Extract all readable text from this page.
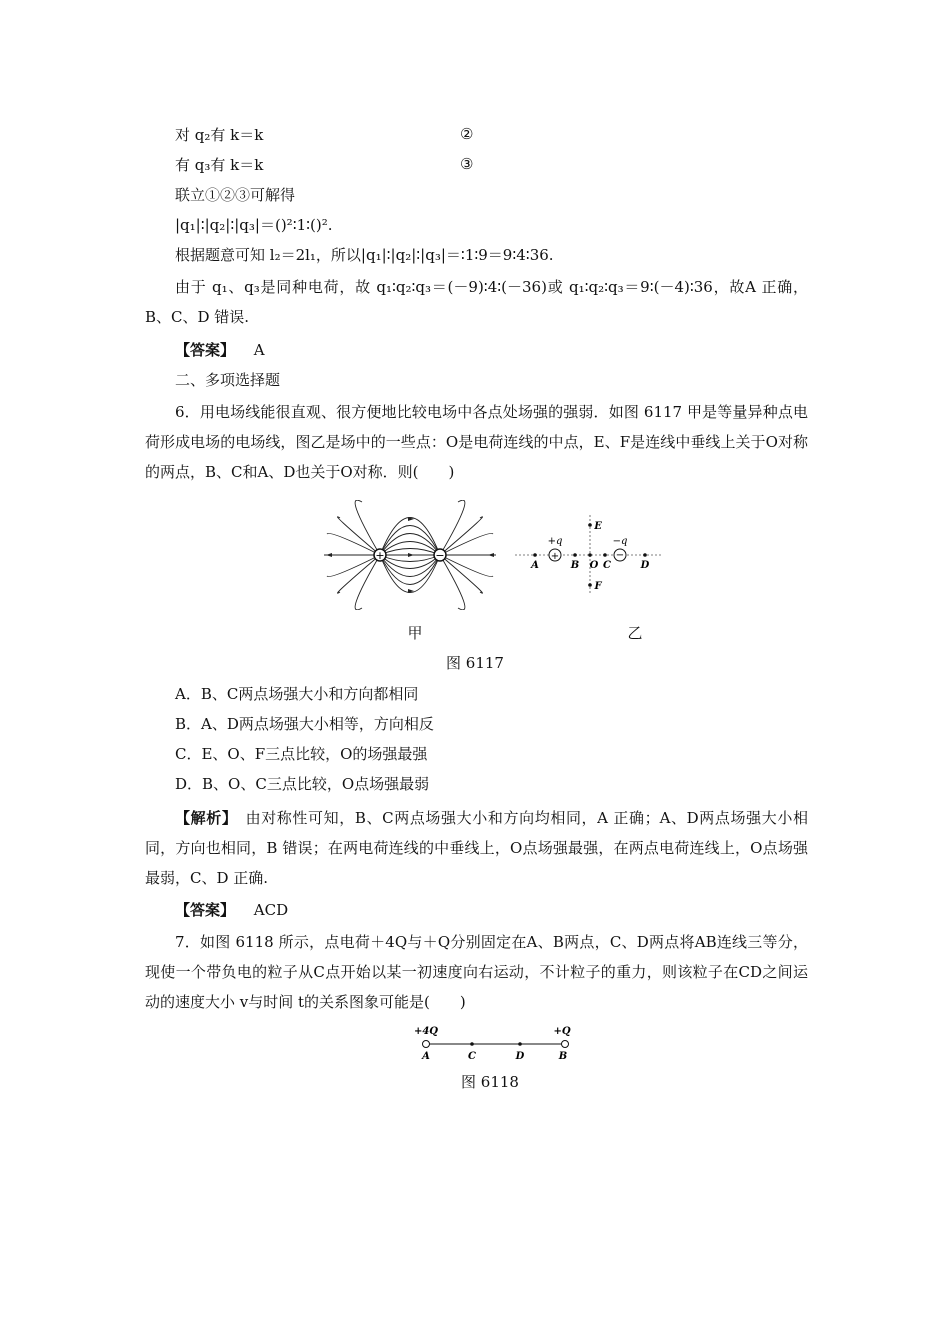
对 q₂有 k＝k	②
有 q₃有 k＝k	③
联立①②③可解得
|q₁|∶|q₂|∶|q₃|＝()²∶1∶()².
根据题意可知 l₂＝2l₁，所以|q₁|∶|q₂|∶|q₃|＝∶1∶9＝9∶4∶36.
由于 q₁、q₃是同种电荷，故 q₁∶q₂∶q₃＝(－9)∶4∶(－36)或 q₁∶q₂∶q₃＝9∶(－4)∶36，故A 正确，B、C、D 错误.
【答案】 A
二、多项选择题
6．用电场线能很直观、很方便地比较电场中各点处场强的强弱．如图 6117 甲是等量异种点电荷形成电场的电场线，图乙是场中的一些点：O是电荷连线的中点，E、F是连线中垂线上关于O对称的两点，B、C和A、D也关于O对称．则(　　)
+	−	+	−
+q	−q
A	B O C	D
E
F
甲	乙
图 6117
A．B、C两点场强大小和方向都相同
B．A、D两点场强大小相等，方向相反
C．E、O、F三点比较，O的场强最强
D．B、O、C三点比较，O点场强最弱
【解析】　 由对称性可知，B、C两点场强大小和方向均相同，A 正确；A、D两点场强大小相同，方向也相同，B 错误；在两电荷连线的中垂线上，O点场强最强，在两点电荷连线上，O点场强最弱，C、D 正确.
【答案】 ACD
7．如图 6118 所示，点电荷＋4Q与＋Q分别固定在A、B两点，C、D两点将AB连线三等分，现使一个带负电的粒子从C点开始以某一初速度向右运动，不计粒子的重力，则该粒子在CD之间运动的速度大小 v与时间 t的关系图象可能是(　　)
+4Q	+Q
A	C	D	B
图 6118
